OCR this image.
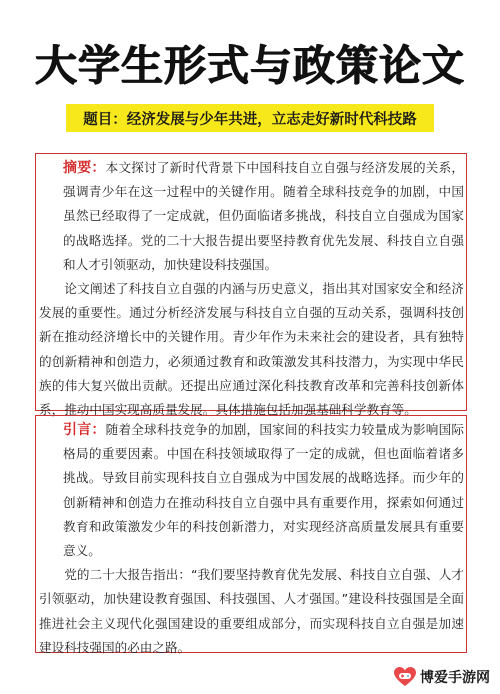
大学生形式与政策论文
题目：经济发展与少年共进，立志走好新时代科技路

摘要：本文探讨了新时代背景下中国科技自立自强与经济发展的关系，强调青少年在这一过程中的关键作用。随着全球科技竞争的加剧，中国虽然已经取得了一定成就，但仍面临诸多挑战，科技自立自强成为国家的战略选择。党的二十大报告提出要坚持教育优先发展、科技自立自强和人才引领驱动，加快建设科技强国。

论文阐述了科技自立自强的内涵与历史意义，指出其对国家安全和经济发展的重要性。通过分析经济发展与科技自立自强的互动关系，强调科技创新在推动经济增长中的关键作用。青少年作为未来社会的建设者，具有独特的创新精神和创造力，必须通过教育和政策激发其科技潜力，为实现中华民族的伟大复兴做出贡献。还提出应通过深化科技教育改革和完善科技创新体系，推动中国实现高质量发展。具体措施包括加强基础科学教育等。

引言：随着全球科技竞争的加剧，国家间的科技实力较量成为影响国际格局的重要因素。中国在科技领域取得了一定的成就，但也面临着诸多挑战。导致目前实现科技自立自强成为中国发展的战略选择。而少年的创新精神和创造力在推动科技自立自强中具有重要作用，探索如何通过教育和政策激发少年的科技创新潜力，对实现经济高质量发展具有重要意义。

党的二十大报告指出：“我们要坚持教育优先发展、科技自立自强、人才引领驱动，加快建设教育强国、科技强国、人才强国。”建设科技强国是全面推进社会主义现代化强国建设的重要组成部分，而实现科技自立自强是加速建设科技强国的必由之路。

博爱手游网
